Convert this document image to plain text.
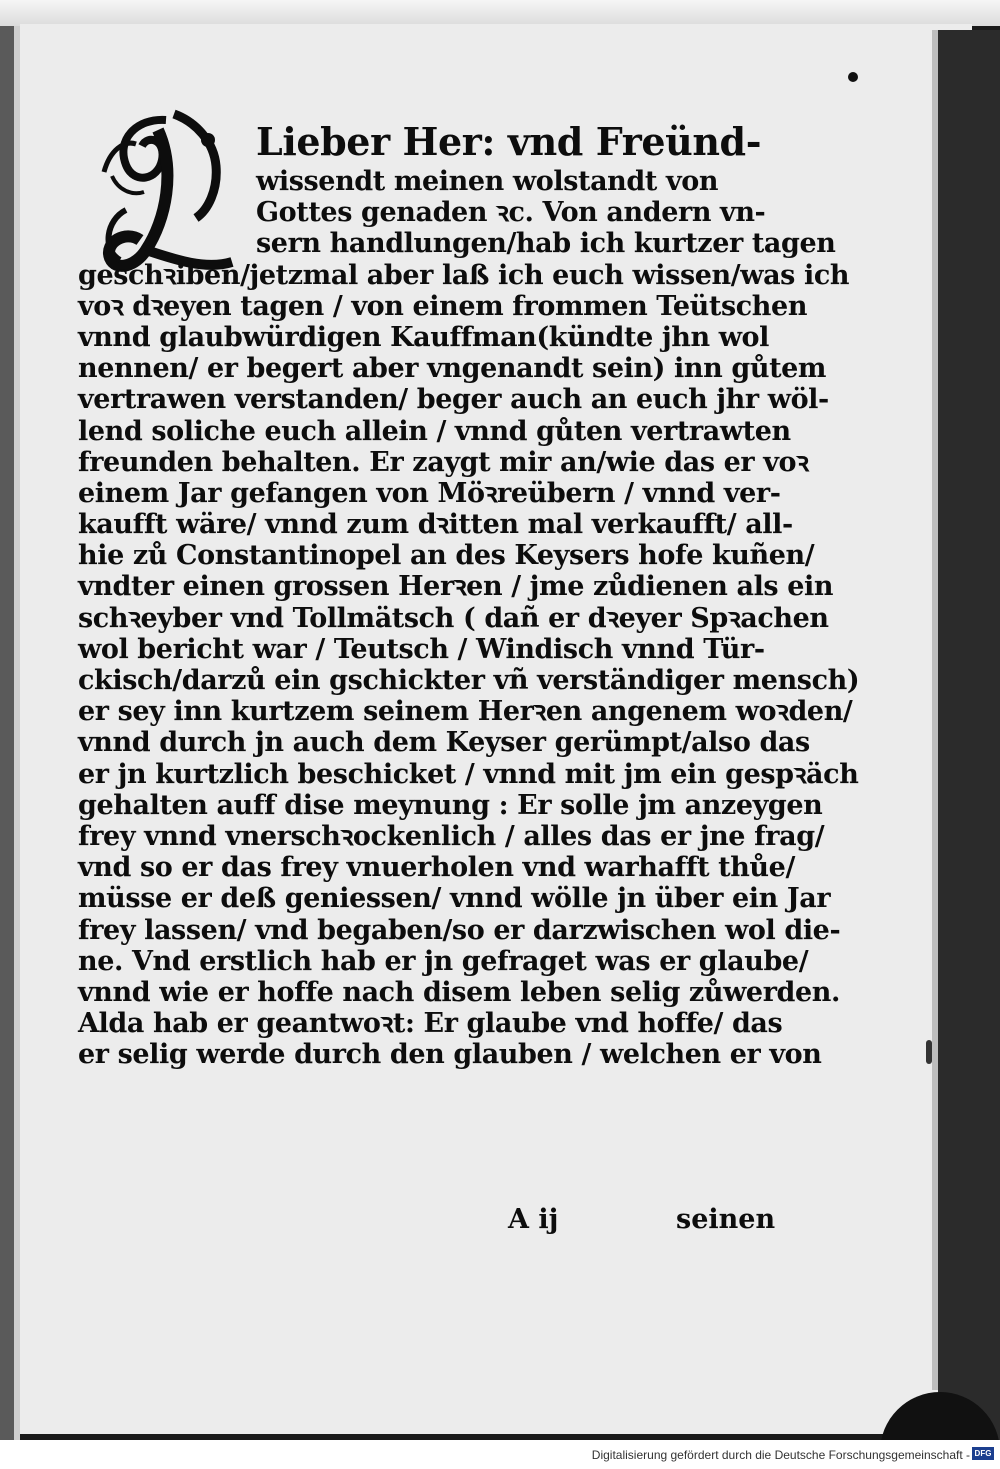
Lieber Her: vnd Freünd-
wissendt meinen wolstandt von
Gottes genaden ꝛc. Von andern vn-
sern handlungen/hab ich kurtzer tagen
geschꝛiben/jetzmal aber laß ich euch wissen/was ich
voꝛ dꝛeyen tagen / von einem frommen Teütschen
vnnd glaubwürdigen Kauffman(kündte jhn wol
nennen/ er begert aber vngenandt sein) inn gůtem
vertrawen verstanden/ beger auch an euch jhr wöl-
lend soliche euch allein / vnnd gůten vertrawten
freunden behalten. Er zaygt mir an/wie das er voꝛ
einem Jar gefangen von Möꝛreübern / vnnd ver-
kaufft wäre/ vnnd zum dꝛitten mal verkaufft/ all-
hie zů Constantinopel an des Keysers hofe kuñen/
vndter einen grossen Herꝛen / jme zůdienen als ein
schꝛeyber vnd Tollmätsch ( dañ er dꝛeyer Spꝛachen
wol bericht war / Teutsch / Windisch vnnd Tür-
ckisch/darzů ein gschickter vñ verständiger mensch)
er sey inn kurtzem seinem Herꝛen angenem woꝛden/
vnnd durch jn auch dem Keyser gerümpt/also das
er jn kurtzlich beschicket / vnnd mit jm ein gespꝛäch
gehalten auff dise meynung : Er solle jm anzeygen
frey vnnd vnerschꝛockenlich / alles das er jne frag/
vnd so er das frey vnuerholen vnd warhafft thůe/
müsse er deß geniessen/ vnnd wölle jn über ein Jar
frey lassen/ vnd begaben/so er darzwischen wol die-
ne. Vnd erstlich hab er jn gefraget was er glaube/
vnnd wie er hoffe nach disem leben selig zůwerden.
Alda hab er geantwoꝛt: Er glaube vnd hoffe/ das
er selig werde durch den glauben / welchen er von
A ij	seinen
Digitalisierung gefördert durch die Deutsche Forschungsgemeinschaft - DFG
